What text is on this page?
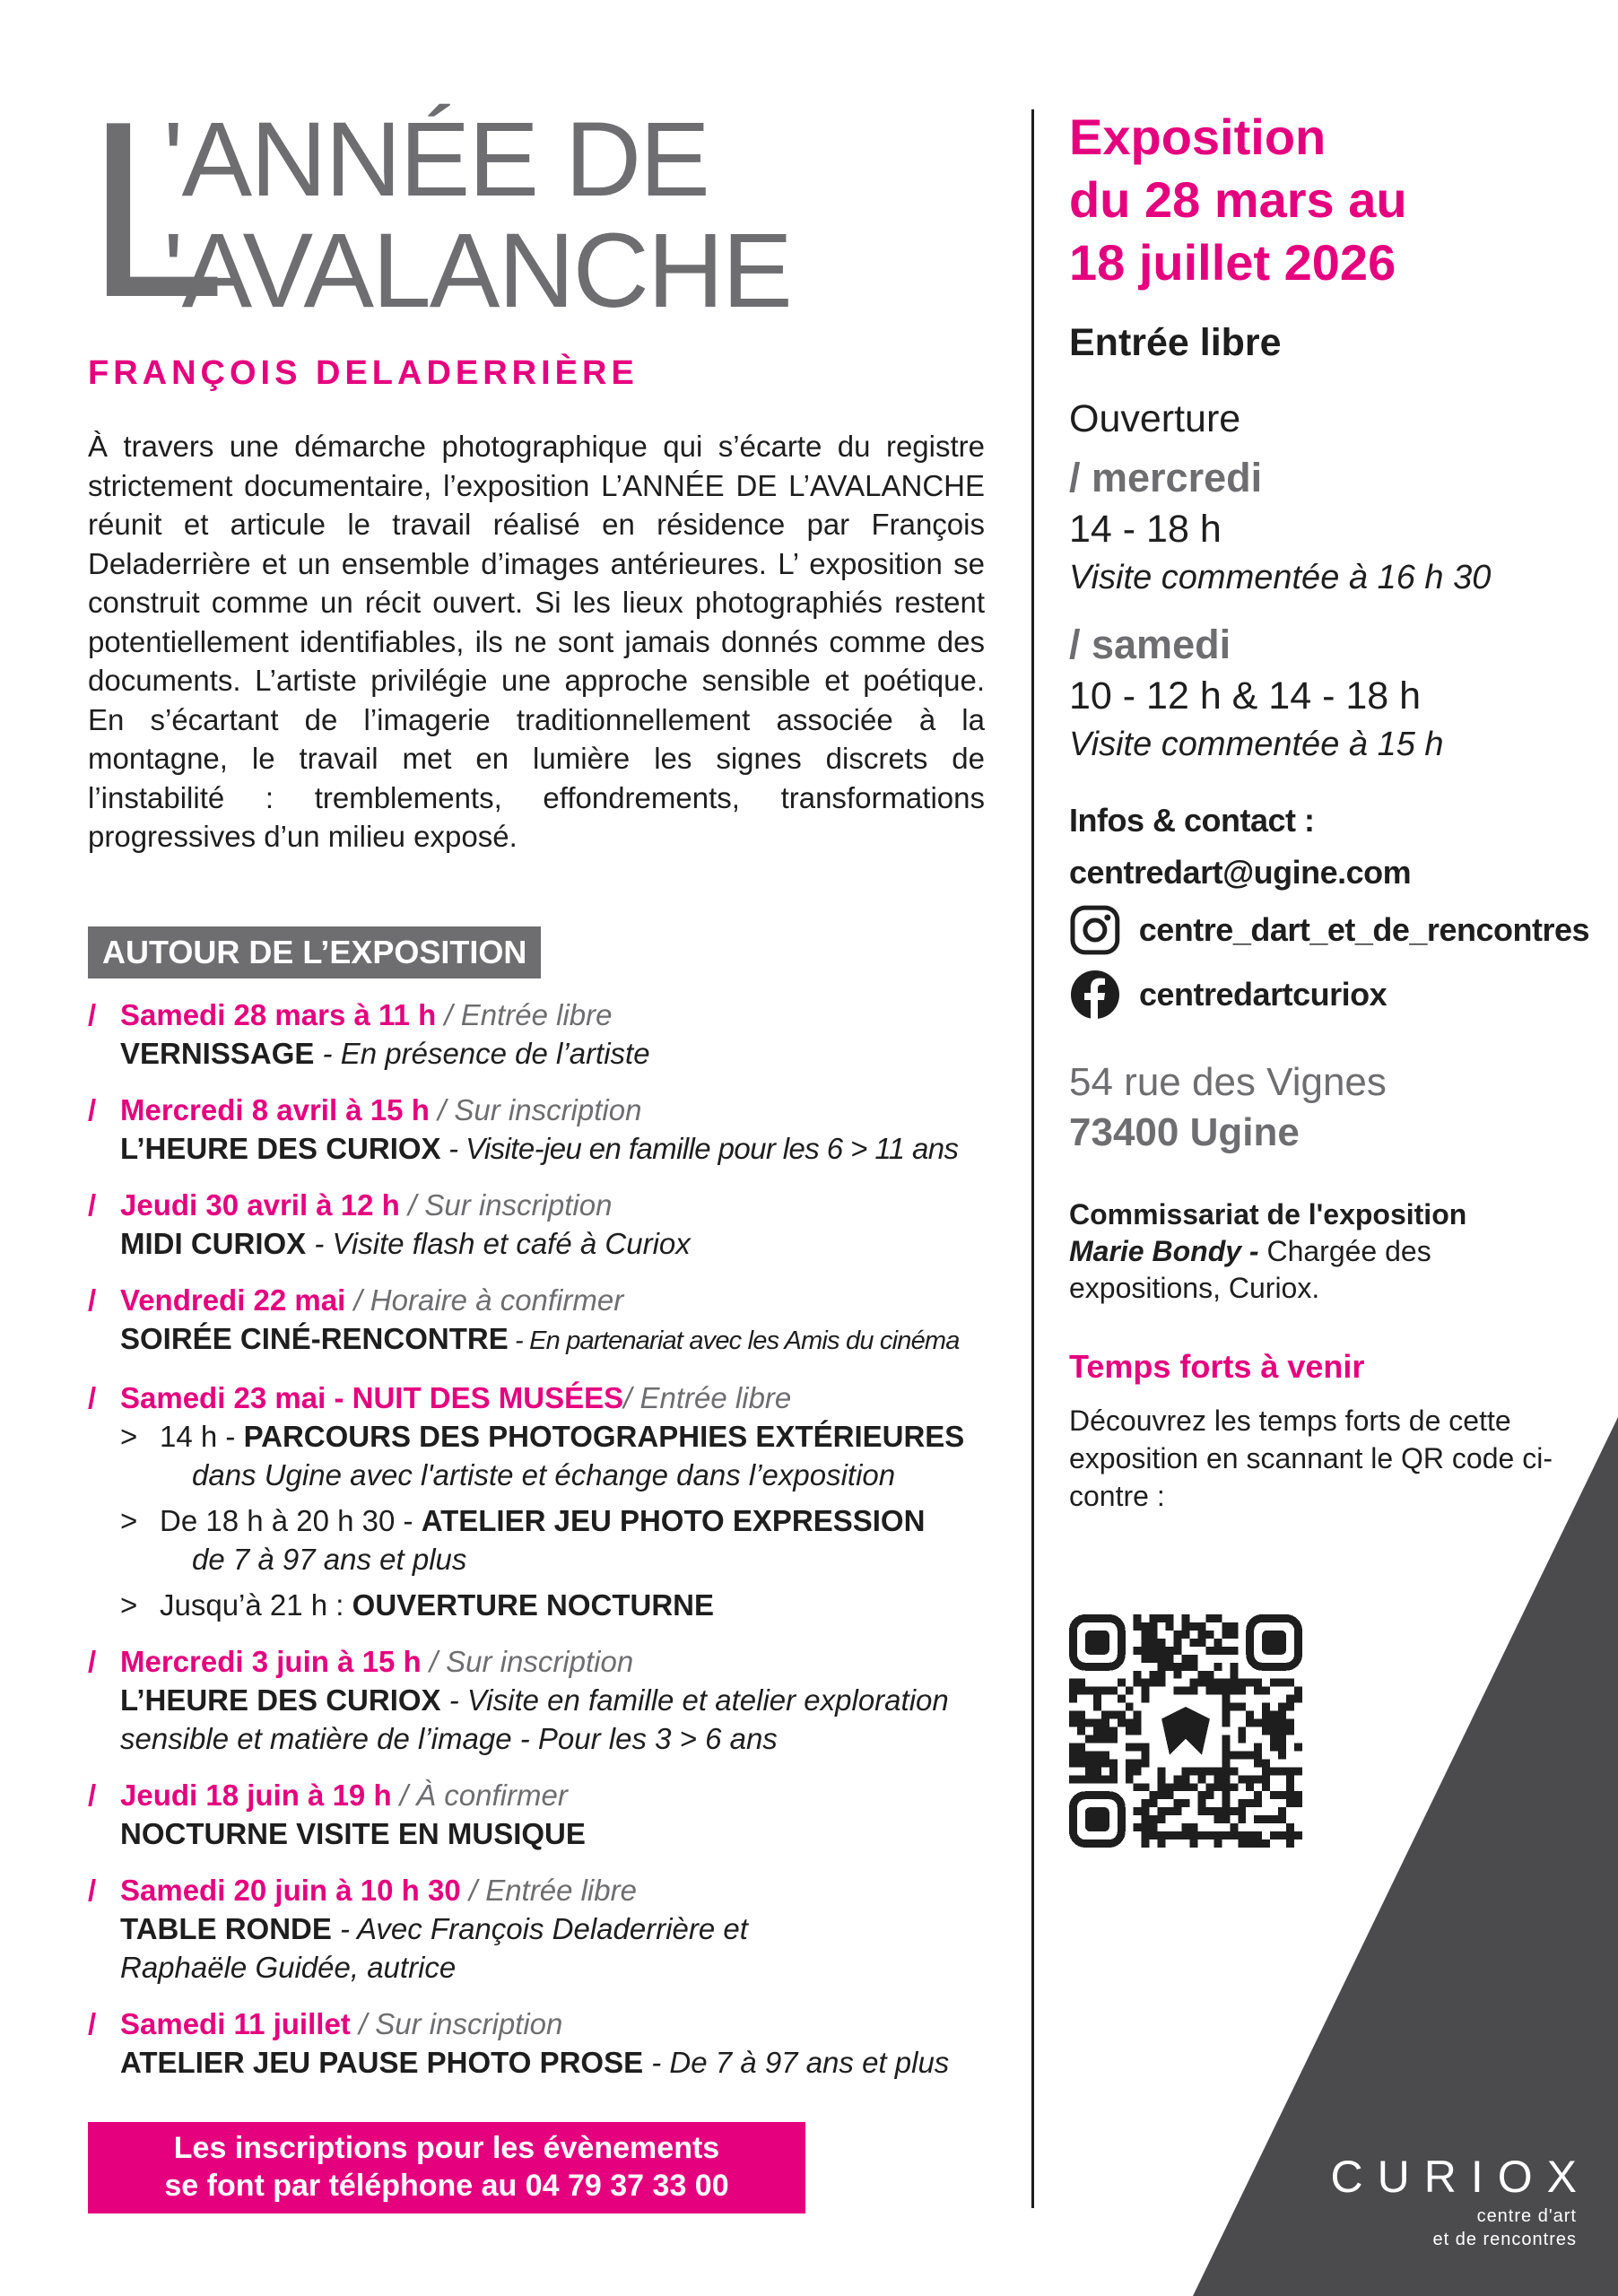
L
'ANNÉE DE
'AVALANCHE
FRANÇOIS DELADERRIÈRE
À travers une démarche photographique qui s’écarte du registre strictement documentaire, l’exposition L’ANNÉE DE L’AVALANCHE réunit et articule le travail réalisé en résidence par François Deladerrière et un ensemble d’images antérieures. L’ exposition se construit comme un récit ouvert. Si les lieux photographiés restent potentiellement identifiables, ils ne sont jamais donnés comme des documents. L’artiste privilégie une approche sensible et poétique. En s’écartant de l’imagerie traditionnellement associée à la montagne, le travail met en lumière les signes discrets de l’instabilité : tremblements, effondrements, transformations progressives d’un milieu exposé.
AUTOUR DE L’EXPOSITION
/ Samedi 28 mars à 11 h / Entrée libre
VERNISSAGE - En présence de l’artiste
/ Mercredi 8 avril à 15 h / Sur inscription
L’HEURE DES CURIOX - Visite-jeu en famille pour les 6 > 11 ans
/ Jeudi 30 avril à 12 h / Sur inscription
MIDI CURIOX - Visite flash et café à Curiox
/ Vendredi 22 mai / Horaire à confirmer
SOIRÉE CINÉ-RENCONTRE - En partenariat avec les Amis du cinéma
/ Samedi 23 mai - NUIT DES MUSÉES/ Entrée libre
> 14 h - PARCOURS DES PHOTOGRAPHIES EXTÉRIEURES
dans Ugine avec l'artiste et échange dans l’exposition
> De 18 h à 20 h 30 - ATELIER JEU PHOTO EXPRESSION
de 7 à 97 ans et plus
> Jusqu’à 21 h : OUVERTURE NOCTURNE
/ Mercredi 3 juin à 15 h / Sur inscription
L’HEURE DES CURIOX - Visite en famille et atelier exploration
sensible et matière de l’image - Pour les 3 > 6 ans
/ Jeudi 18 juin à 19 h / À confirmer
NOCTURNE VISITE EN MUSIQUE
/ Samedi 20 juin à 10 h 30 / Entrée libre
TABLE RONDE - Avec François Deladerrière et
Raphaële Guidée, autrice
/ Samedi 11 juillet / Sur inscription
ATELIER JEU PAUSE PHOTO PROSE - De 7 à 97 ans et plus
Les inscriptions pour les évènements
se font par téléphone au 04 79 37 33 00
Exposition
du 28 mars au
18 juillet 2026
Entrée libre
Ouverture
/ mercredi
14 - 18 h
Visite commentée à 16 h 30
/ samedi
10 - 12 h & 14 - 18 h
Visite commentée à 15 h
Infos & contact :
centredart@ugine.com
centre_dart_et_de_rencontres
centredartcuriox
54 rue des Vignes
73400 Ugine
Commissariat de l'exposition
Marie Bondy - Chargée des expositions, Curiox.
Temps forts à venir
Découvrez les temps forts de cette exposition en scannant le QR code ci-contre :
CURIOX
centre d'art
et de rencontres
